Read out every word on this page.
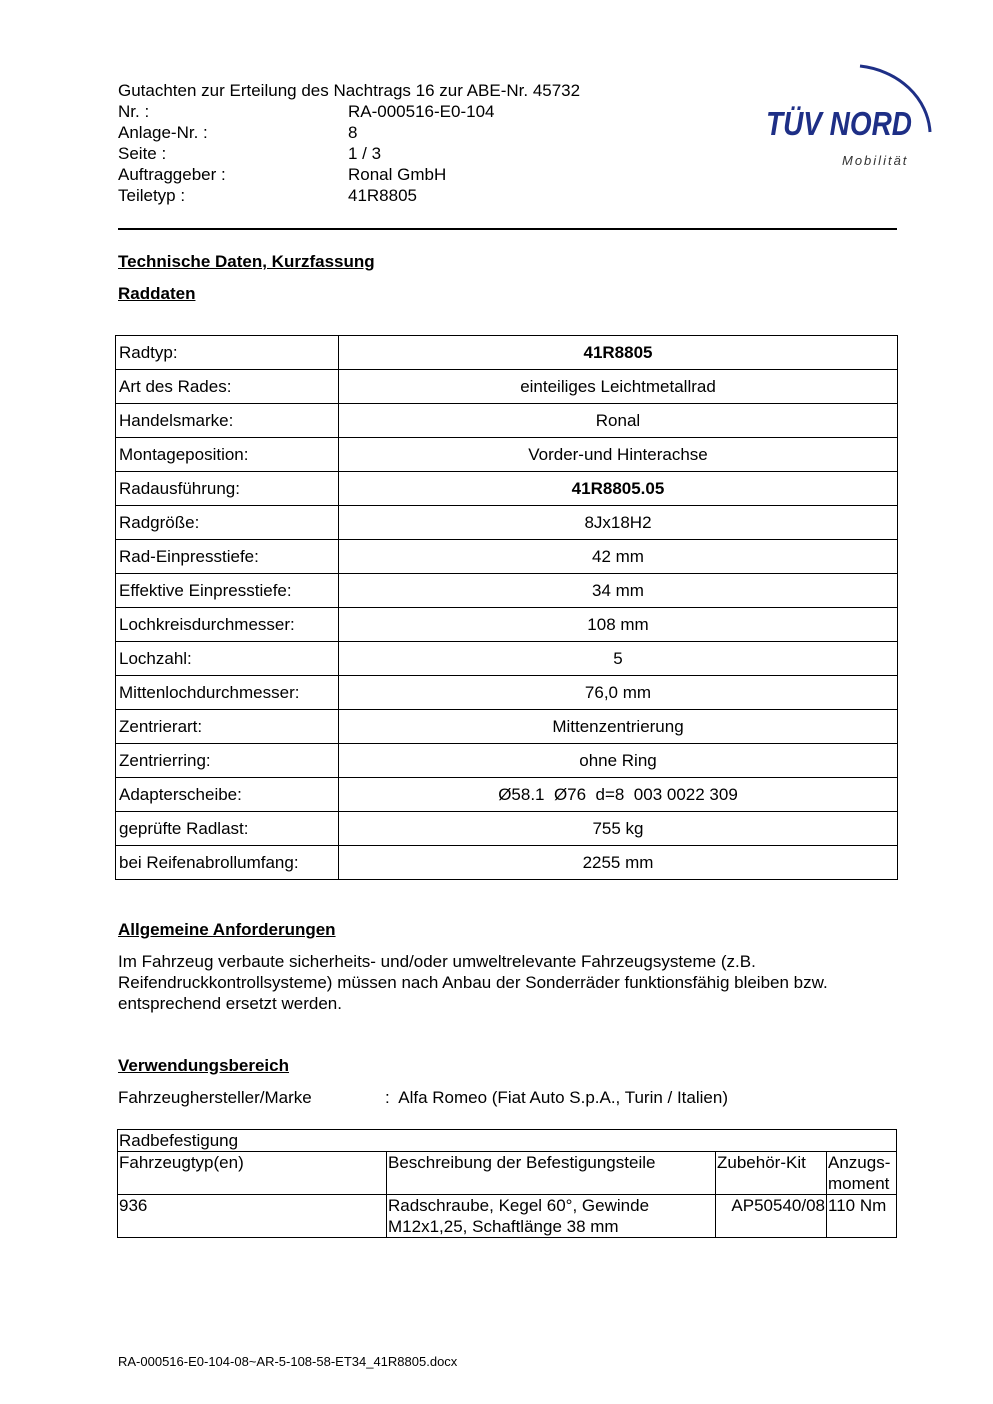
Gutachten zur Erteilung des Nachtrags 16 zur ABE-Nr. 45732
Nr. :	RA-000516-E0-104
Anlage-Nr. :	8
Seite :	1 / 3
Auftraggeber :	Ronal GmbH
Teiletyp :	41R8805
TÜV NORD
Mobilität
Technische Daten, Kurzfassung
Raddaten
Radtyp:	41R8805
Art des Rades:	einteiliges Leichtmetallrad
Handelsmarke:	Ronal
Montageposition:	Vorder-und Hinterachse
Radausführung:	41R8805.05
Radgröße:	8Jx18H2
Rad-Einpresstiefe:	42 mm
Effektive Einpresstiefe:	34 mm
Lochkreisdurchmesser:	108 mm
Lochzahl:	5
Mittenlochdurchmesser:	76,0 mm
Zentrierart:	Mittenzentrierung
Zentrierring:	ohne Ring
Adapterscheibe:	Ø58.1  Ø76  d=8  003 0022 309
geprüfte Radlast:	755 kg
bei Reifenabrollumfang:	2255 mm
Allgemeine Anforderungen
Im Fahrzeug verbaute sicherheits- und/oder umweltrelevante Fahrzeugsysteme (z.B.
Reifendruckkontrollsysteme) müssen nach Anbau der Sonderräder funktionsfähig bleiben bzw.
entsprechend ersetzt werden.
Verwendungsbereich
Fahrzeughersteller/Marke	:  Alfa Romeo (Fiat Auto S.p.A., Turin / Italien)
Radbefestigung			
Fahrzeugtyp(en)	Beschreibung der Befestigungsteile	Zubehör-Kit	Anzugs-
moment

936	Radschraube, Kegel 60°, Gewinde
M12x1,25, Schaftlänge 38 mm	AP50540/08	110 Nm
RA-000516-E0-104-08~AR-5-108-58-ET34_41R8805.docx
